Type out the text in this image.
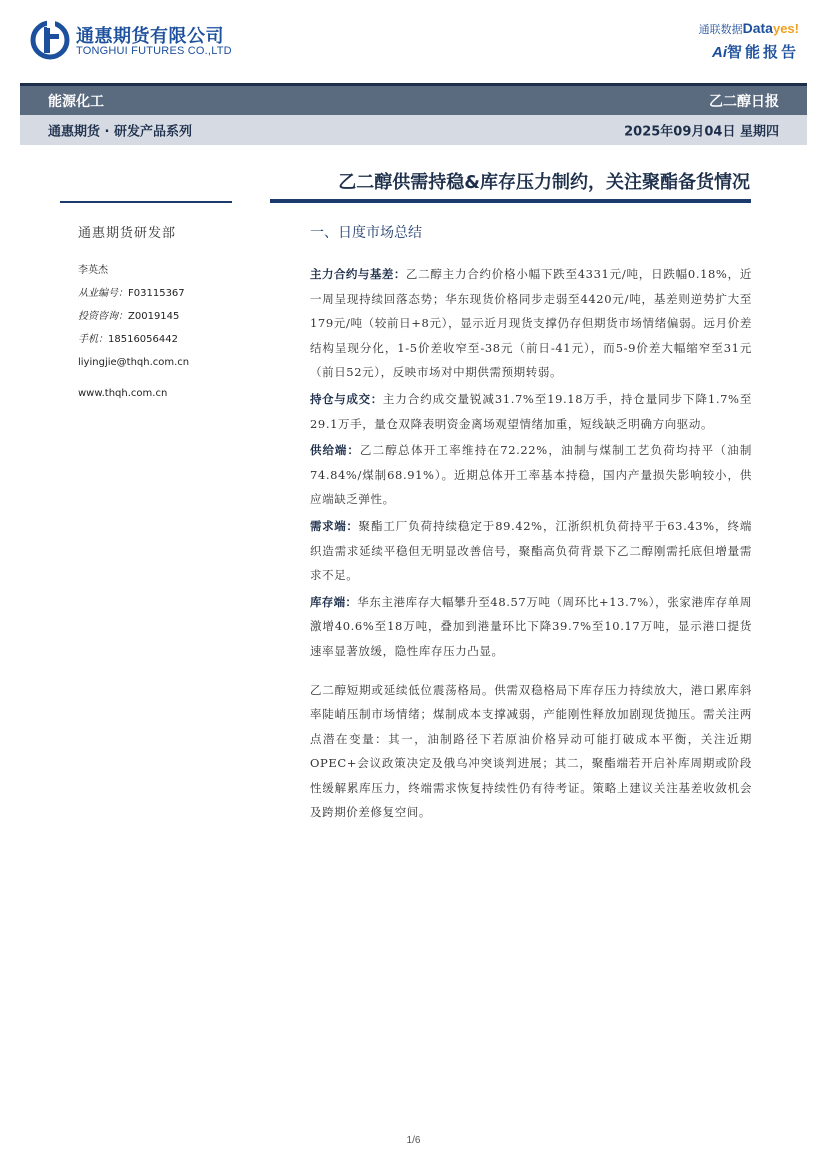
通惠期货有限公司
TONGHUI FUTURES CO.,LTD
通联数据Datayes!
Ai智能报告
能源化工	乙二醇日报
通惠期货 · 研发产品系列	2025年09月04日 星期四
乙二醇供需持稳&库存压力制约，关注聚酯备货情况
通惠期货研发部
李英杰
从业编号：F03115367
投资咨询：Z0019145
手机：18516056442
liyingjie@thqh.com.cn
www.thqh.com.cn
一、日度市场总结

主力合约与基差：乙二醇主力合约价格小幅下跌至4331元/吨，日跌幅0.18%，近一周呈现持续回落态势；华东现货价格同步走弱至4420元/吨，基差则逆势扩大至179元/吨（较前日+8元），显示近月现货支撑仍存但期货市场情绪偏弱。远月价差结构呈现分化，1-5价差收窄至-38元（前日-41元），而5-9价差大幅缩窄至31元（前日52元），反映市场对中期供需预期转弱。

持仓与成交：主力合约成交量锐减31.7%至19.18万手，持仓量同步下降1.7%至29.1万手，量仓双降表明资金离场观望情绪加重，短线缺乏明确方向驱动。

供给端：乙二醇总体开工率维持在72.22%，油制与煤制工艺负荷均持平（油制74.84%/煤制68.91%）。近期总体开工率基本持稳，国内产量损失影响较小，供应端缺乏弹性。

需求端：聚酯工厂负荷持续稳定于89.42%，江浙织机负荷持平于63.43%，终端织造需求延续平稳但无明显改善信号，聚酯高负荷背景下乙二醇刚需托底但增量需求不足。

库存端：华东主港库存大幅攀升至48.57万吨（周环比+13.7%），张家港库存单周激增40.6%至18万吨，叠加到港量环比下降39.7%至10.17万吨，显示港口提货速率显著放缓，隐性库存压力凸显。

乙二醇短期或延续低位震荡格局。供需双稳格局下库存压力持续放大，港口累库斜率陡峭压制市场情绪；煤制成本支撑减弱，产能刚性释放加剧现货抛压。需关注两点潜在变量：其一，油制路径下若原油价格异动可能打破成本平衡，关注近期OPEC+会议政策决定及俄乌冲突谈判进展；其二，聚酯端若开启补库周期或阶段性缓解累库压力，终端需求恢复持续性仍有待考证。策略上建议关注基差收敛机会及跨期价差修复空间。

1/6
